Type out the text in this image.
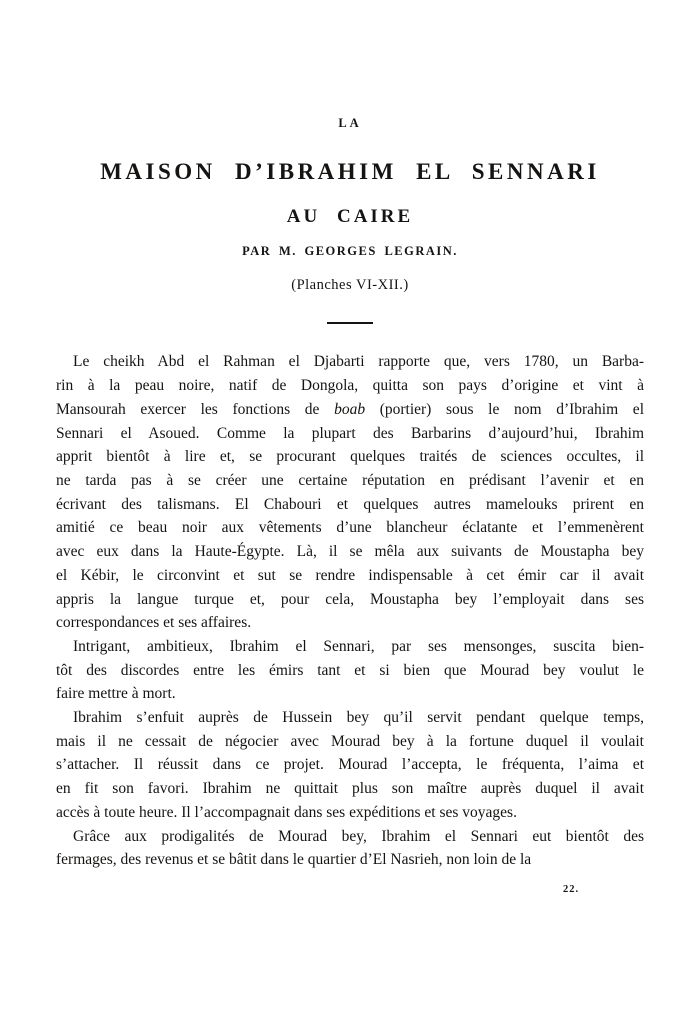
LA
MAISON D’IBRAHIM EL SENNARI
AU CAIRE
PAR M. GEORGES LEGRAIN.
(Planches VI-XII.)
Le cheikh Abd el Rahman el Djabarti rapporte que, vers 1780, un Barba-
rin à la peau noire, natif de Dongola, quitta son pays d’origine et vint à
Mansourah exercer les fonctions de boab (portier) sous le nom d’Ibrahim el
Sennari el Asoued. Comme la plupart des Barbarins d’aujourd’hui, Ibrahim
apprit bientôt à lire et, se procurant quelques traités de sciences occultes, il
ne tarda pas à se créer une certaine réputation en prédisant l’avenir et en
écrivant des talismans. El Chabouri et quelques autres mamelouks prirent en
amitié ce beau noir aux vêtements d’une blancheur éclatante et l’emmenèrent
avec eux dans la Haute-Égypte. Là, il se mêla aux suivants de Moustapha bey
el Kébir, le circonvint et sut se rendre indispensable à cet émir car il avait
appris la langue turque et, pour cela, Moustapha bey l’employait dans ses
correspondances et ses affaires.
Intrigant, ambitieux, Ibrahim el Sennari, par ses mensonges, suscita bien-
tôt des discordes entre les émirs tant et si bien que Mourad bey voulut le
faire mettre à mort.
Ibrahim s’enfuit auprès de Hussein bey qu’il servit pendant quelque temps,
mais il ne cessait de négocier avec Mourad bey à la fortune duquel il voulait
s’attacher. Il réussit dans ce projet. Mourad l’accepta, le fréquenta, l’aima et
en fit son favori. Ibrahim ne quittait plus son maître auprès duquel il avait
accès à toute heure. Il l’accompagnait dans ses expéditions et ses voyages.
Grâce aux prodigalités de Mourad bey, Ibrahim el Sennari eut bientôt des
fermages, des revenus et se bâtit dans le quartier d’El Nasrieh, non loin de la
22.
